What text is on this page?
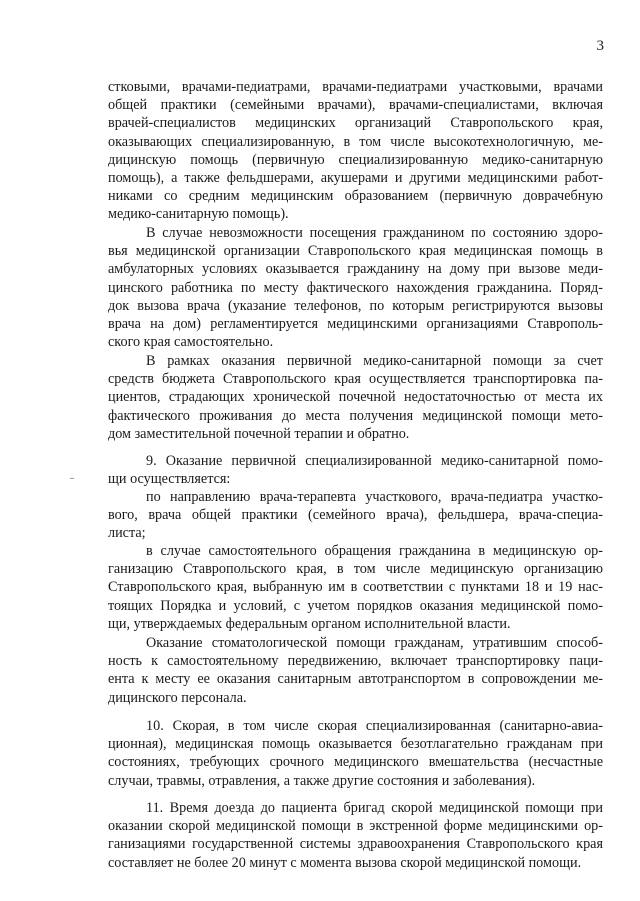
3
стковыми, врачами-педиатрами, врачами-педиатрами участковыми, врачами
общей практики (семейными врачами), врачами-специалистами, включая
врачей-специалистов медицинских организаций Ставропольского края,
оказывающих специализированную, в том числе высокотехнологичную, ме-
дицинскую помощь (первичную специализированную медико-санитарную
помощь), а также фельдшерами, акушерами и другими медицинскими работ-
никами со средним медицинским образованием (первичную доврачебную
медико-санитарную помощь).
В случае невозможности посещения гражданином по состоянию здоро-
вья медицинской организации Ставропольского края медицинская помощь в
амбулаторных условиях оказывается гражданину на дому при вызове меди-
цинского работника по месту фактического нахождения гражданина. Поряд-
док вызова врача (указание телефонов, по которым регистрируются вызовы
врача на дом) регламентируется медицинскими организациями Ставрополь-
ского края самостоятельно.
В рамках оказания первичной медико-санитарной помощи за счет
средств бюджета Ставропольского края осуществляется транспортировка па-
циентов, страдающих хронической почечной недостаточностью от места их
фактического проживания до места получения медицинской помощи мето-
дом заместительной почечной терапии и обратно.
9. Оказание первичной специализированной медико-санитарной помо-
щи осуществляется:
по направлению врача-терапевта участкового, врача-педиатра участко-
вого, врача общей практики (семейного врача), фельдшера, врача-специа-
листа;
в случае самостоятельного обращения гражданина в медицинскую ор-
ганизацию Ставропольского края, в том числе медицинскую организацию
Ставропольского края, выбранную им в соответствии с пунктами 18 и 19 нас-
тоящих Порядка и условий, с учетом порядков оказания медицинской помо-
щи, утверждаемых федеральным органом исполнительной власти.
Оказание стоматологической помощи гражданам, утратившим способ-
ность к самостоятельному передвижению, включает транспортировку паци-
ента к месту ее оказания санитарным автотранспортом в сопровождении ме-
дицинского персонала.
10. Скорая, в том числе скорая специализированная (санитарно-авиа-
ционная), медицинская помощь оказывается безотлагательно гражданам при
состояниях, требующих срочного медицинского вмешательства (несчастные
случаи, травмы, отравления, а также другие состояния и заболевания).
11. Время доезда до пациента бригад скорой медицинской помощи при
оказании скорой медицинской помощи в экстренной форме медицинскими ор-
ганизациями государственной системы здравоохранения Ставропольского края
составляет не более 20 минут с момента вызова скорой медицинской помощи.
